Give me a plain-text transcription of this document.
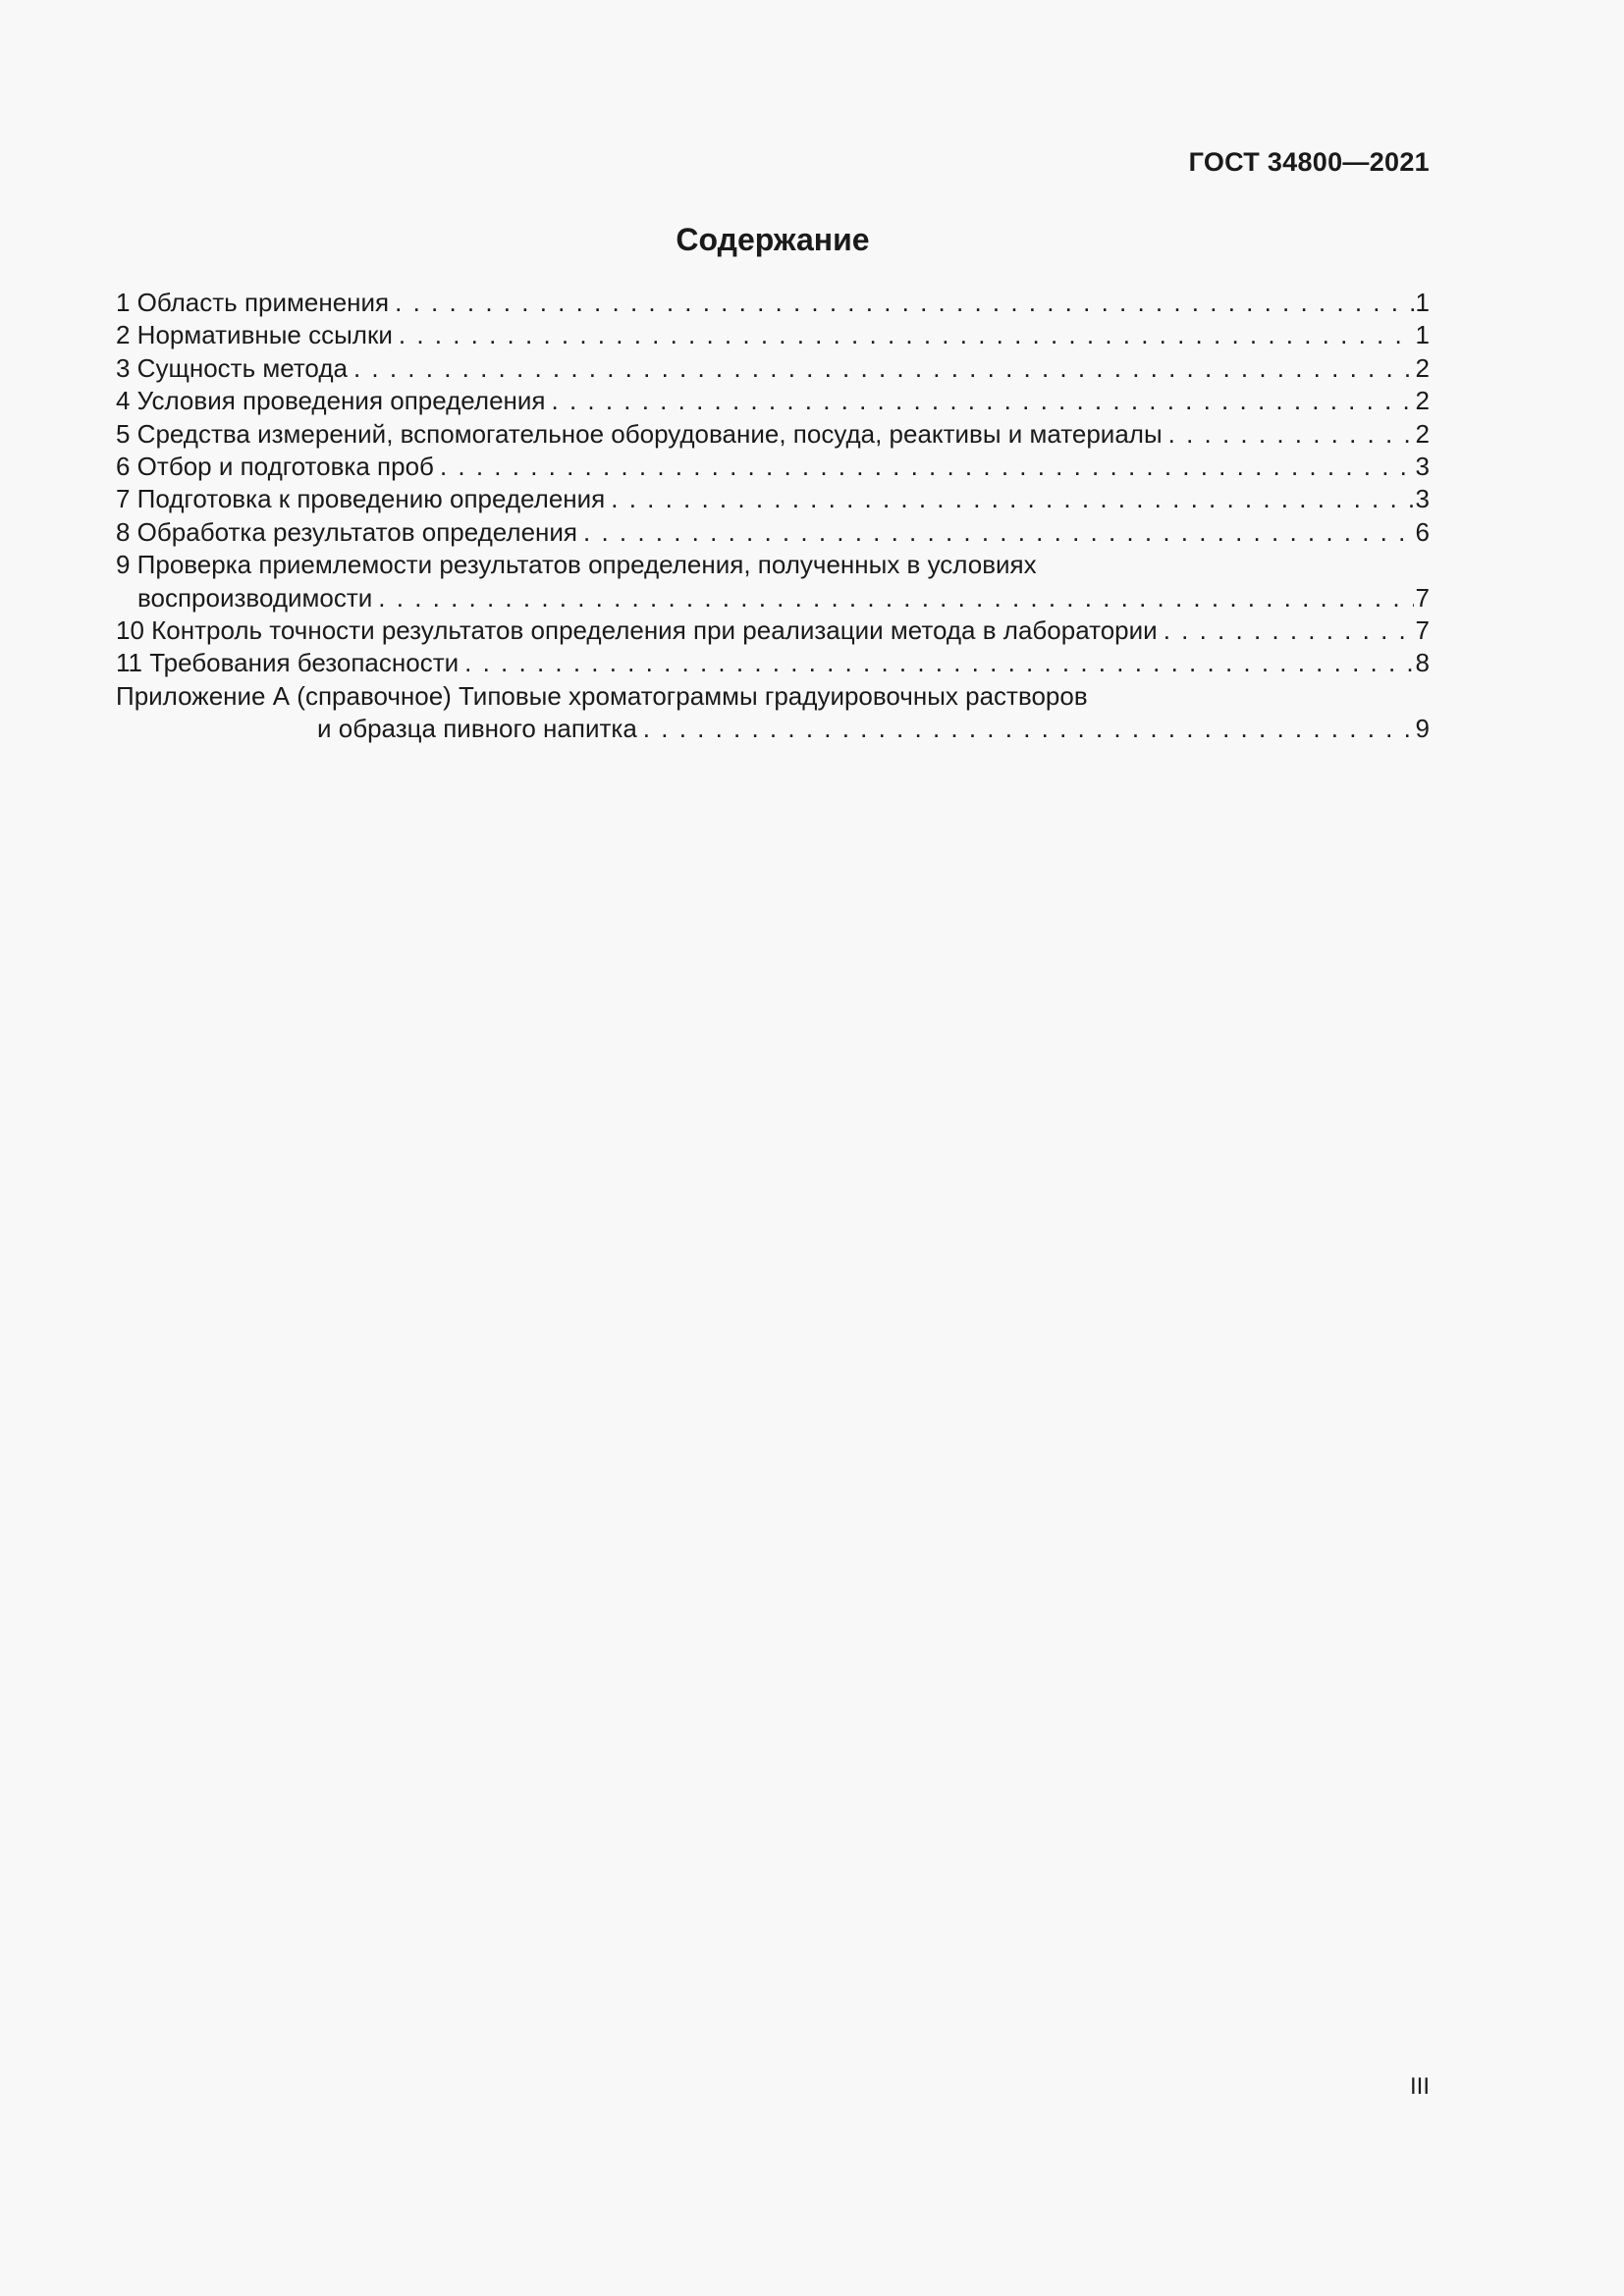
ГОСТ 34800—2021
Содержание
1 Область применения . . .	1
2 Нормативные ссылки . . .	1
3 Сущность метода . . .	2
4 Условия проведения определения . . .	2
5 Средства измерений, вспомогательное оборудование, посуда, реактивы и материалы . . .	2
6 Отбор и подготовка проб . . .	3
7 Подготовка к проведению определения . . .	3
8 Обработка результатов определения . . .	6
9 Проверка приемлемости результатов определения, полученных в условиях
воспроизводимости . . .	7
10 Контроль точности результатов определения при реализации метода в лаборатории . . .	7
11 Требования безопасности . . .	8
Приложение А (справочное) Типовые хроматограммы градуировочных растворов
и образца пивного напитка . . .	9
III
